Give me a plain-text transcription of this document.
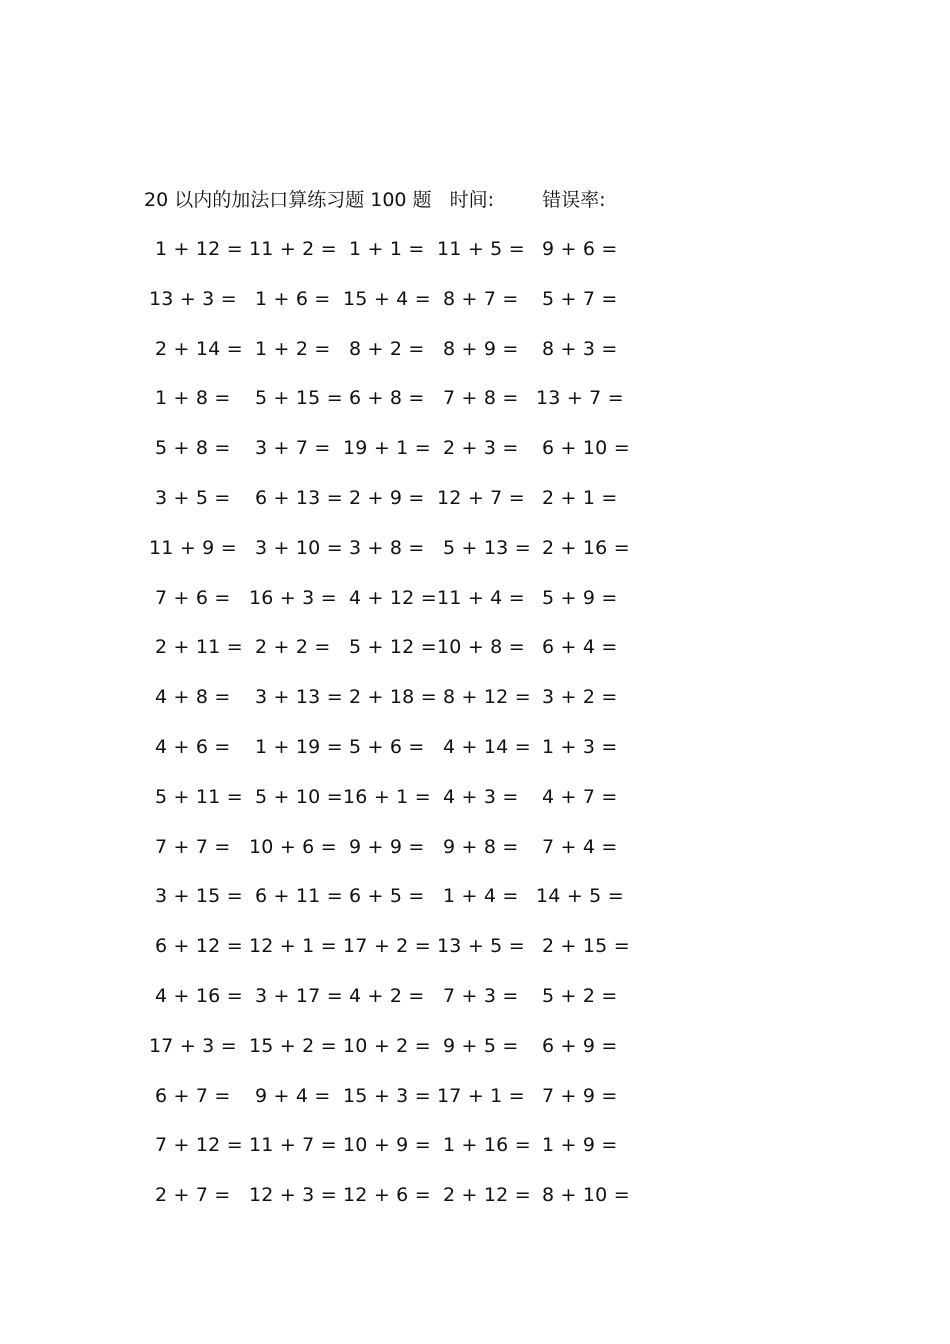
20 以内的加法口算练习题 100 题 时间:	错误率:
1 + 12 = 11 + 2 = 1 + 1 = 11 + 5 = 9 + 6 =
13 + 3 = 1 + 6 = 15 + 4 = 8 + 7 = 5 + 7 =
2 + 14 = 1 + 2 = 8 + 2 = 8 + 9 = 8 + 3 =
1 + 8 = 5 + 15 = 6 + 8 = 7 + 8 = 13 + 7 =
5 + 8 = 3 + 7 = 19 + 1 = 2 + 3 = 6 + 10 =
3 + 5 = 6 + 13 = 2 + 9 = 12 + 7 = 2 + 1 =
11 + 9 = 3 + 10 = 3 + 8 = 5 + 13 = 2 + 16 =
7 + 6 = 16 + 3 = 4 + 12 = 11 + 4 = 5 + 9 =
2 + 11 = 2 + 2 = 5 + 12 = 10 + 8 = 6 + 4 =
4 + 8 = 3 + 13 = 2 + 18 = 8 + 12 = 3 + 2 =
4 + 6 = 1 + 19 = 5 + 6 = 4 + 14 = 1 + 3 =
5 + 11 = 5 + 10 = 16 + 1 = 4 + 3 = 4 + 7 =
7 + 7 = 10 + 6 = 9 + 9 = 9 + 8 = 7 + 4 =
3 + 15 = 6 + 11 = 6 + 5 = 1 + 4 = 14 + 5 =
6 + 12 = 12 + 1 = 17 + 2 = 13 + 5 = 2 + 15 =
4 + 16 = 3 + 17 = 4 + 2 = 7 + 3 = 5 + 2 =
17 + 3 = 15 + 2 = 10 + 2 = 9 + 5 = 6 + 9 =
6 + 7 = 9 + 4 = 15 + 3 = 17 + 1 = 7 + 9 =
7 + 12 = 11 + 7 = 10 + 9 = 1 + 16 = 1 + 9 =
2 + 7 = 12 + 3 = 12 + 6 = 2 + 12 = 8 + 10 =
